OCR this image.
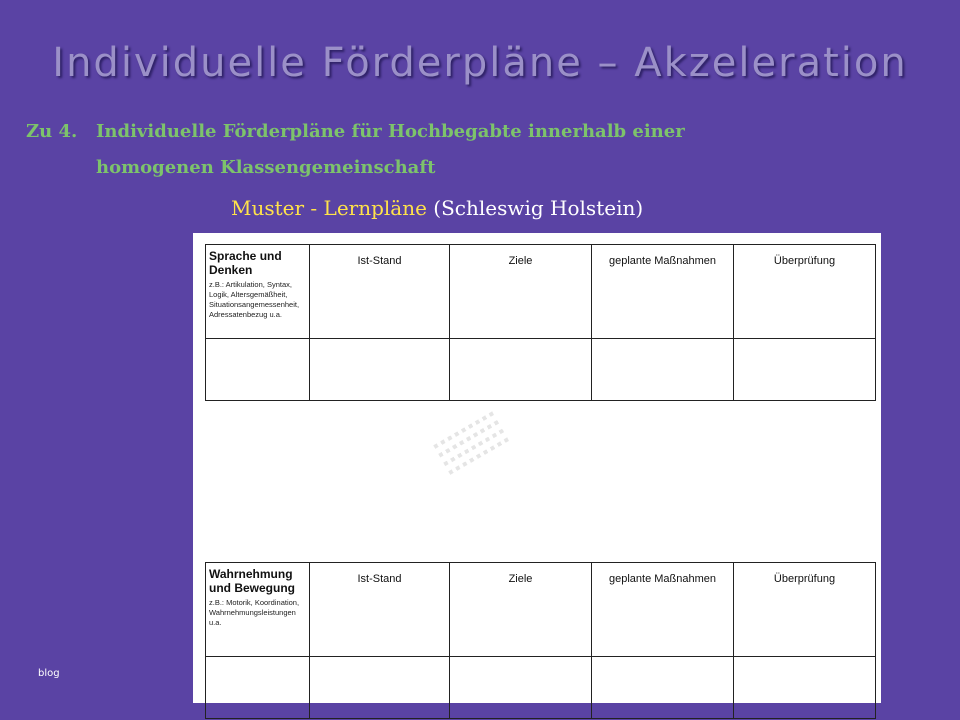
Individuelle Förderpläne – Akzeleration
Zu 4. Individuelle Förderpläne für Hochbegabte innerhalb einer
homogenen Klassengemeinschaft
Muster - Lernpläne (Schleswig Holstein)
Sprache und Denken
z.B.: Artikulation, Syntax, Logik, Altersgemäßheit, Situationsangemessenheit, Adressatenbezug u.a.	Ist-Stand	Ziele	geplante Maßnahmen	Überprüfung

Wahrnehmung und Bewegung
z.B.: Motorik, Koordination, Wahrnehmungsleistungen u.a.	Ist-Stand	Ziele	geplante Maßnahmen	Überprüfung

blog
